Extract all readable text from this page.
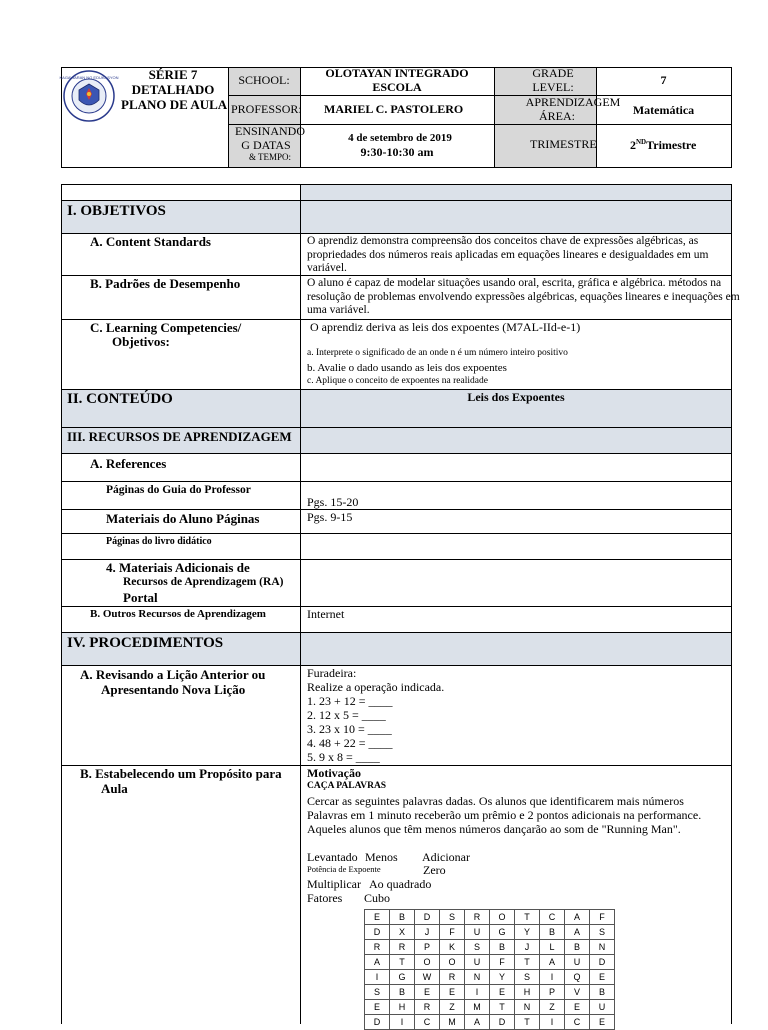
KAGAWARAN NG EDUKASYON	SÉRIE 7
DETALHADO
PLANO DE AULA
SCHOOL:	OLOTAYAN INTEGRADO
ESCOLA
GRADE
LEVEL:	7
PROFESSOR: MARIEL C. PASTOLERO	APRENDIZAGEM
ÁREA:	Matemática
ENSINANDO
G DATAS
& TEMPO:
4 de setembro de 2019
9:30-10:30 am
TRIMESTRE	2NDTrimestre
I. OBJETIVOS
A. Content Standards	O aprendiz demonstra compreensão dos conceitos chave de expressões algébricas, as propriedades dos números reais aplicadas em equações lineares e desigualdades em um variável.
B. Padrões de Desempenho	O aluno é capaz de modelar situações usando oral, escrita, gráfica e algébrica. métodos na resolução de problemas envolvendo expressões algébricas, equações lineares e inequações em uma variável.
C. Learning Competencies/
Objetivos:
O aprendiz deriva as leis dos expoentes (M7AL-IId-e-1)
a. Interprete o significado de an onde n é um número inteiro positivo
b. Avalie o dado usando as leis dos expoentes
c. Aplique o conceito de expoentes na realidade
II. CONTEÚDO	Leis dos Expoentes
III. RECURSOS DE APRENDIZAGEM
A. References
Páginas do Guia do Professor
Pgs. 15-20
Materiais do Aluno Páginas	Pgs. 9-15
Páginas do livro didático
4. Materiais Adicionais de
Recursos de Aprendizagem (RA)
Portal
B. Outros Recursos de Aprendizagem	Internet
IV. PROCEDIMENTOS
A. Revisando a Lição Anterior ou
Apresentando Nova Lição
Furadeira:
Realize a operação indicada.
1. 23 + 12 = ____
2. 12 x 5 = ____
3. 23 x 10 = ____
4. 48 + 22 = ____
5. 9 x 8 = ____
B. Estabelecendo um Propósito para
Aula
Motivação
CAÇA PALAVRAS
Cercar as seguintes palavras dadas. Os alunos que identificarem mais números
Palavras em 1 minuto receberão um prêmio e 2 pontos adicionais na performance.
Aqueles alunos que têm menos números dançarão ao som de "Running Man".
Levantado Menos Adicionar
Potência de Expoente	Zero
Multiplicar Ao quadrado
Fatores Cubo
E	B	D	S	R	O	T	C	A	F
D	X	J	F	U	G	Y	B	A	S
R	R	P	K	S	B	J	L	B	N
A	T	O	O	U	F	T	A	U	D
I	G	W	R	N	Y	S	I	Q	E
S	B	E	E	I	E	H	P	V	B
E	H	R	Z	M	T	N	Z	E	U
D	I	C	M	A	D	T	I	C	E
